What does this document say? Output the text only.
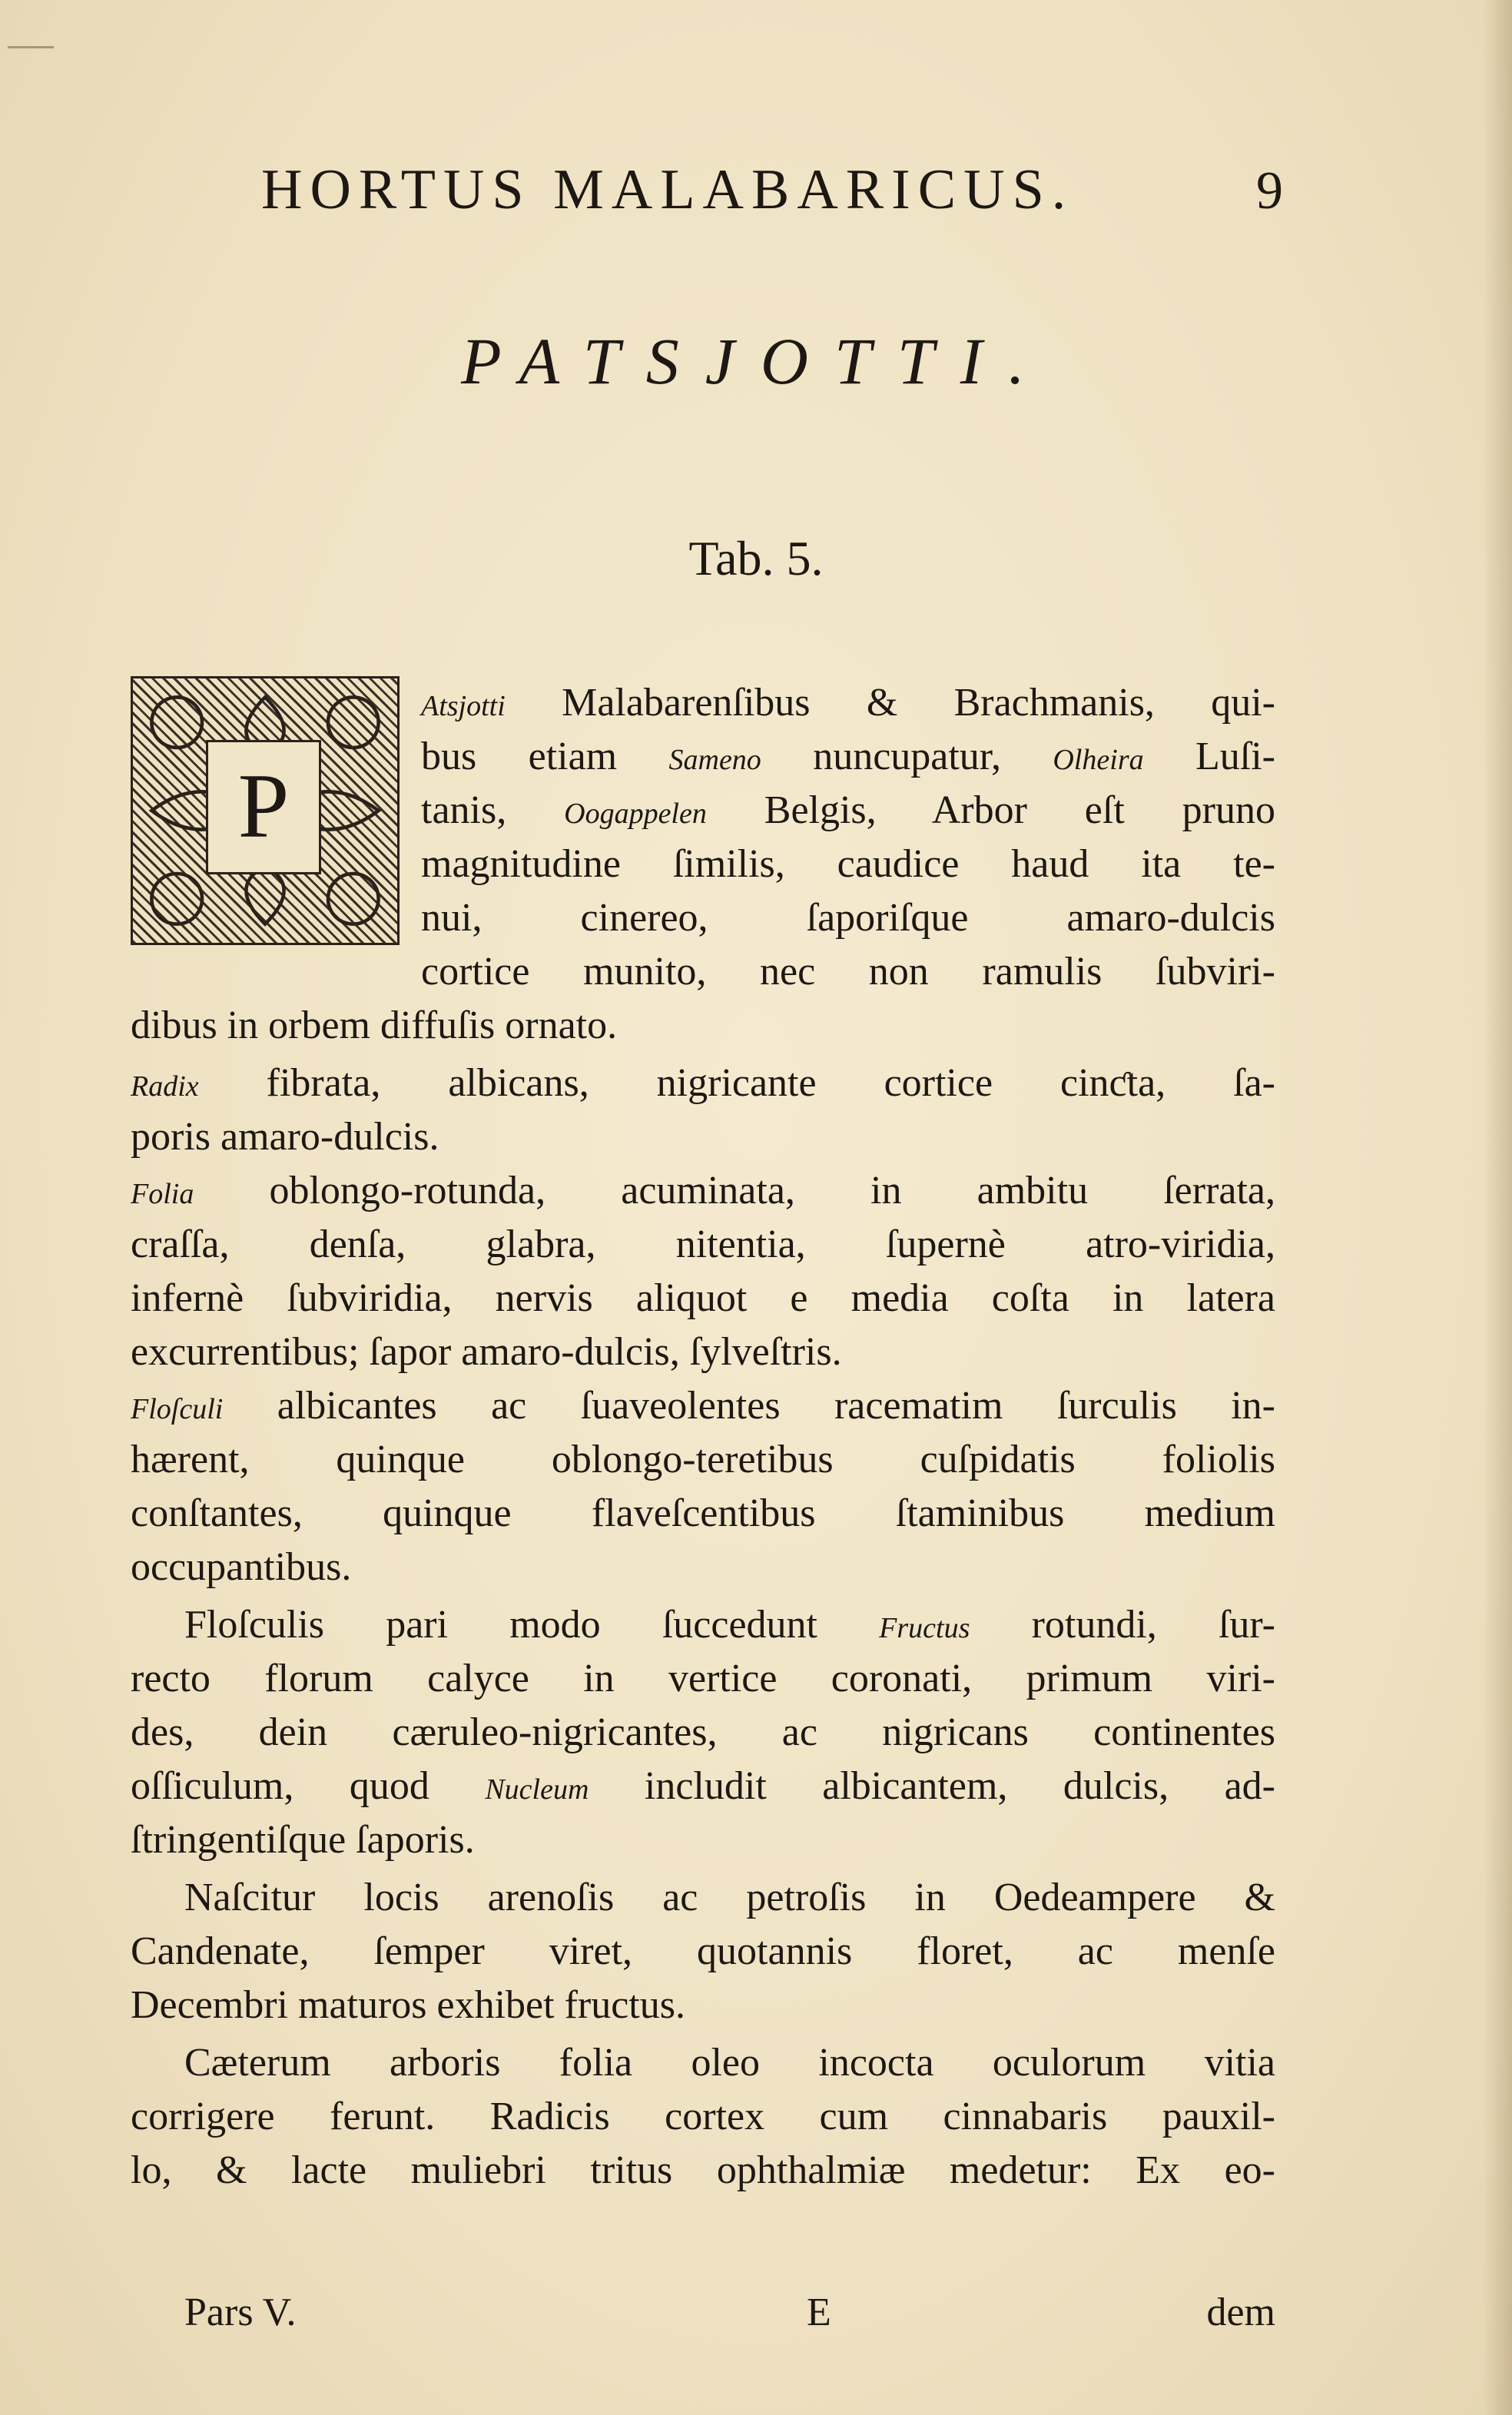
HORTUS MALABARICUS.	9
PATSJOTTI.
Tab. 5.
P
Atsjotti Malabarenſibus & Brachmanis, qui-
bus etiam Sameno nuncupatur, Olheira Luſi-
tanis, Oogappelen Belgis, Arbor eſt pruno
magnitudine ſimilis, caudice haud ita te-
nui, cinereo, ſaporiſque amaro-dulcis
cortice munito, nec non ramulis ſubviri-
dibus in orbem diffuſis ornato.
Radix fibrata, albicans, nigricante cortice cinƈta, ſa-
poris amaro-dulcis.
Folia oblongo-rotunda, acuminata, in ambitu ſerrata,
craſſa, denſa, glabra, nitentia, ſupernè atro-viridia,
infernè ſubviridia, nervis aliquot e media coſta in latera
excurrentibus; ſapor amaro-dulcis, ſylveſtris.
Floſculi albicantes ac ſuaveolentes racematim ſurculis in-
hærent, quinque oblongo-teretibus cuſpidatis foliolis
conſtantes, quinque flaveſcentibus ſtaminibus medium
occupantibus.
Floſculis pari modo ſuccedunt Fructus rotundi, ſur-
recto florum calyce in vertice coronati, primum viri-
des, dein cæruleo-nigricantes, ac nigricans continentes
oſſiculum, quod Nucleum includit albicantem, dulcis, ad-
ſtringentiſque ſaporis.
Naſcitur locis arenoſis ac petroſis in Oedeampere &
Candenate, ſemper viret, quotannis floret, ac menſe
Decembri maturos exhibet fructus.
Cæterum arboris folia oleo incocta oculorum vitia
corrigere ferunt. Radicis cortex cum cinnabaris pauxil-
lo, & lacte muliebri tritus ophthalmiæ medetur: Ex eo-
Pars V.	E	dem
